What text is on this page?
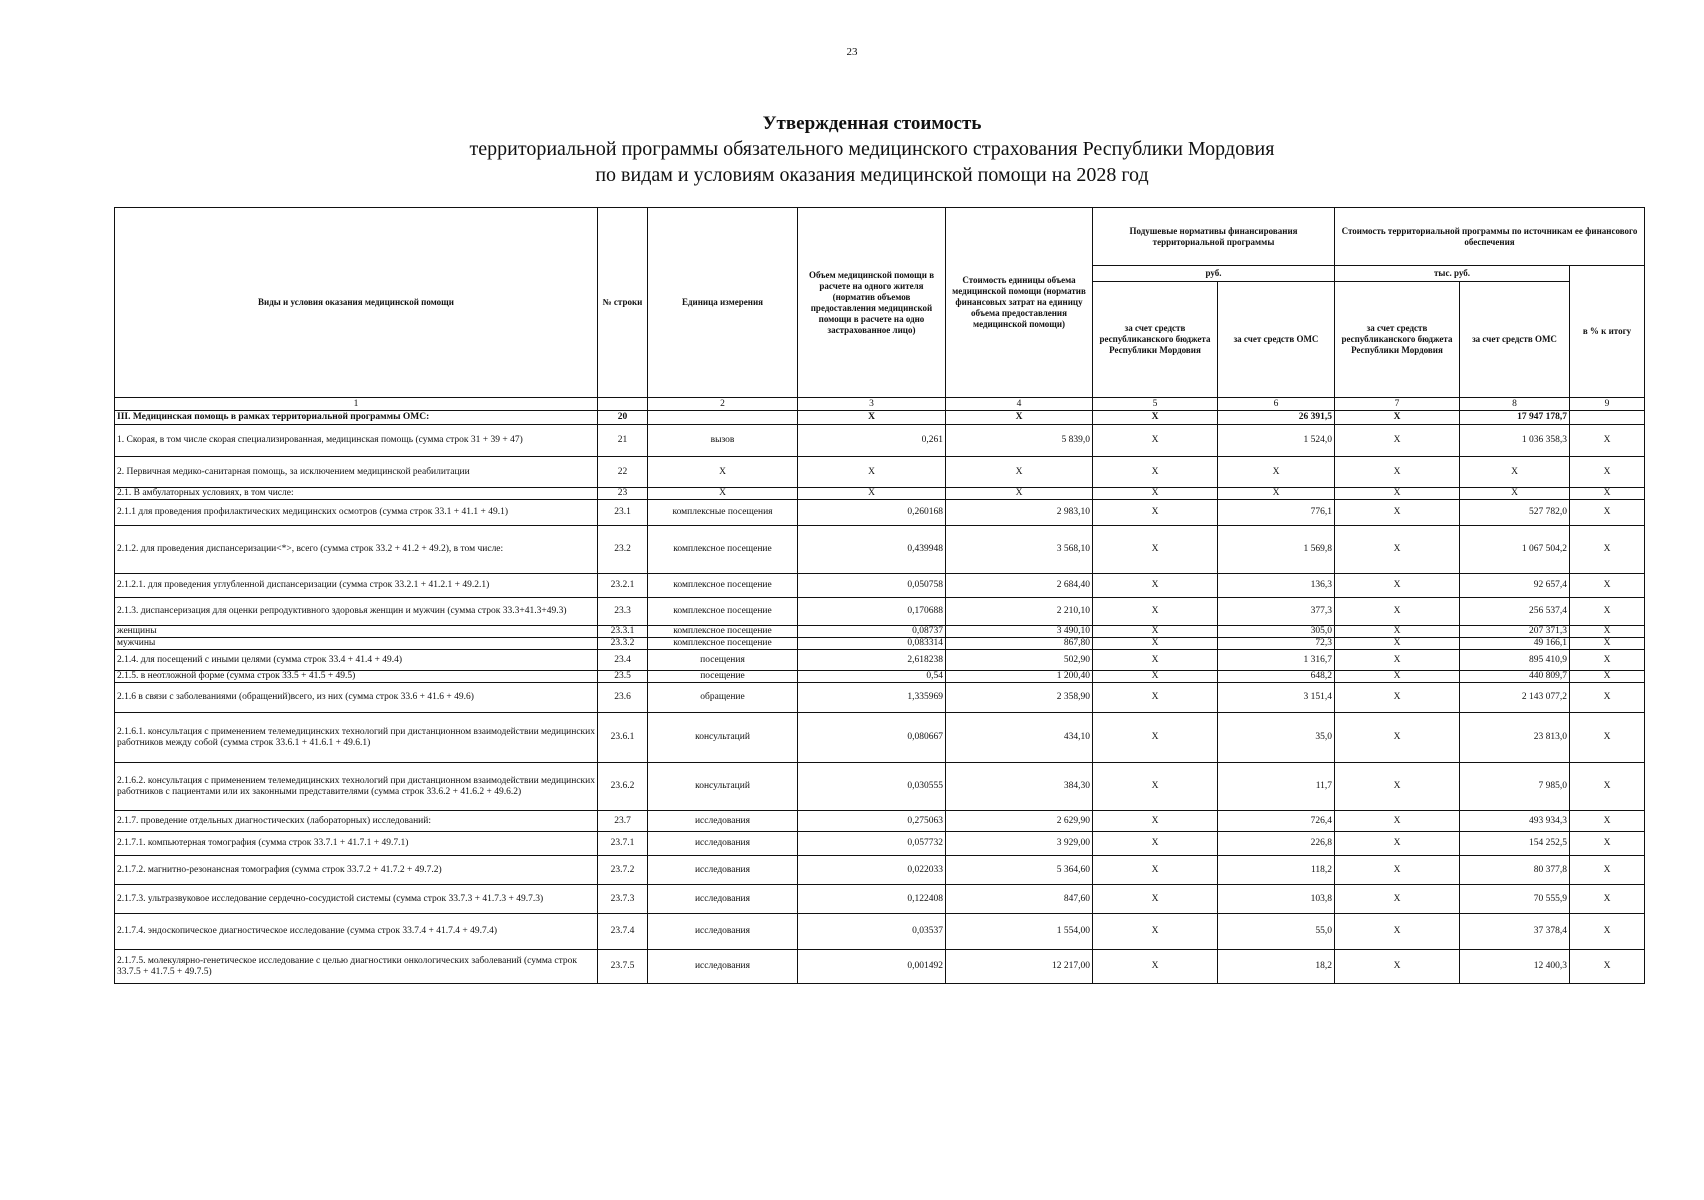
23
Утвержденная стоимость
территориальной программы обязательного медицинского страхования Республики Мордовия
по видам и условиям оказания медицинской помощи на 2028 год
Виды и условия оказания медицинской помощи	№ строки	Единица измерения	Объем медицинской помощи в расчете на одного жителя (норматив объемов предоставления медицинской помощи в расчете на одно застрахованное лицо)	Стоимость единицы объема медицинской помощи (норматив финансовых затрат на единицу объема предоставления медицинской помощи)	Подушевые нормативы финансирования территориальной программы		Стоимость территориальной программы по источникам ее финансового обеспечения		
					руб.		тыс. руб.		в % к итогу
					за счет средств республиканского бюджета Республики Мордовия	за счет средств ОМС	за счет средств республиканского бюджета Республики Мордовия	за счет средств ОМС	
1		2	3	4	5	6	7	8	9
III. Медицинская помощь в рамках территориальной программы ОМС:	20		X	X	X	26 391,5	X	17 947 178,7	
1. Скорая, в том числе скорая специализированная, медицинская помощь (сумма строк 31 + 39 + 47)	21	вызов	0,261	5 839,0	X	1 524,0	X	1 036 358,3	X
2. Первичная медико-санитарная помощь, за исключением медицинской реабилитации	22	X	X	X	X	X	X	X	X
2.1. В амбулаторных условиях, в том числе:	23	X	X	X	X	X	X	X	X
2.1.1 для проведения профилактических медицинских осмотров (сумма строк 33.1 + 41.1 + 49.1)	23.1	комплексные посещения	0,260168	2 983,10	X	776,1	X	527 782,0	X
2.1.2. для проведения диспансеризации<*>, всего (сумма строк 33.2 + 41.2 + 49.2), в том числе:	23.2	комплексное посещение	0,439948	3 568,10	X	1 569,8	X	1 067 504,2	X
2.1.2.1. для проведения углубленной диспансеризации (сумма строк 33.2.1 + 41.2.1 + 49.2.1)	23.2.1	комплексное посещение	0,050758	2 684,40	X	136,3	X	92 657,4	X
2.1.3. диспансеризация для оценки репродуктивного здоровья женщин и мужчин (сумма строк 33.3+41.3+49.3)	23.3	комплексное посещение	0,170688	2 210,10	X	377,3	X	256 537,4	X
женщины	23.3.1	комплексное посещение	0,08737	3 490,10	X	305,0	X	207 371,3	X
мужчины	23.3.2	комплексное посещение	0,083314	867,80	X	72,3	X	49 166,1	X
2.1.4. для посещений с иными целями (сумма строк 33.4 + 41.4 + 49.4)	23.4	посещения	2,618238	502,90	X	1 316,7	X	895 410,9	X
2.1.5. в неотложной форме (сумма строк 33.5 + 41.5 + 49.5)	23.5	посещение	0,54	1 200,40	X	648,2	X	440 809,7	X
2.1.6 в связи с заболеваниями (обращений)всего, из них (сумма строк 33.6 + 41.6 + 49.6)	23.6	обращение	1,335969	2 358,90	X	3 151,4	X	2 143 077,2	X
2.1.6.1. консультация с применением телемедицинских технологий при дистанционном взаимодействии медицинских работников между собой (сумма строк 33.6.1 + 41.6.1 + 49.6.1)	23.6.1	консультаций	0,080667	434,10	X	35,0	X	23 813,0	X
2.1.6.2. консультация с применением телемедицинских технологий при дистанционном взаимодействии медицинских работников с пациентами или их законными представителями (сумма строк 33.6.2 + 41.6.2 + 49.6.2)	23.6.2	консультаций	0,030555	384,30	X	11,7	X	7 985,0	X
2.1.7. проведение отдельных диагностических (лабораторных) исследований:	23.7	исследования	0,275063	2 629,90	X	726,4	X	493 934,3	X
2.1.7.1. компьютерная томография (сумма строк 33.7.1 + 41.7.1 + 49.7.1)	23.7.1	исследования	0,057732	3 929,00	X	226,8	X	154 252,5	X
2.1.7.2. магнитно-резонансная томография (сумма строк 33.7.2 + 41.7.2 + 49.7.2)	23.7.2	исследования	0,022033	5 364,60	X	118,2	X	80 377,8	X
2.1.7.3. ультразвуковое исследование сердечно-сосудистой системы (сумма строк 33.7.3 + 41.7.3 + 49.7.3)	23.7.3	исследования	0,122408	847,60	X	103,8	X	70 555,9	X
2.1.7.4. эндоскопическое диагностическое исследование (сумма строк 33.7.4 + 41.7.4 + 49.7.4)	23.7.4	исследования	0,03537	1 554,00	X	55,0	X	37 378,4	X
2.1.7.5. молекулярно-генетическое исследование с целью диагностики онкологических заболеваний (сумма строк 33.7.5 + 41.7.5 + 49.7.5)	23.7.5	исследования	0,001492	12 217,00	X	18,2	X	12 400,3	X
